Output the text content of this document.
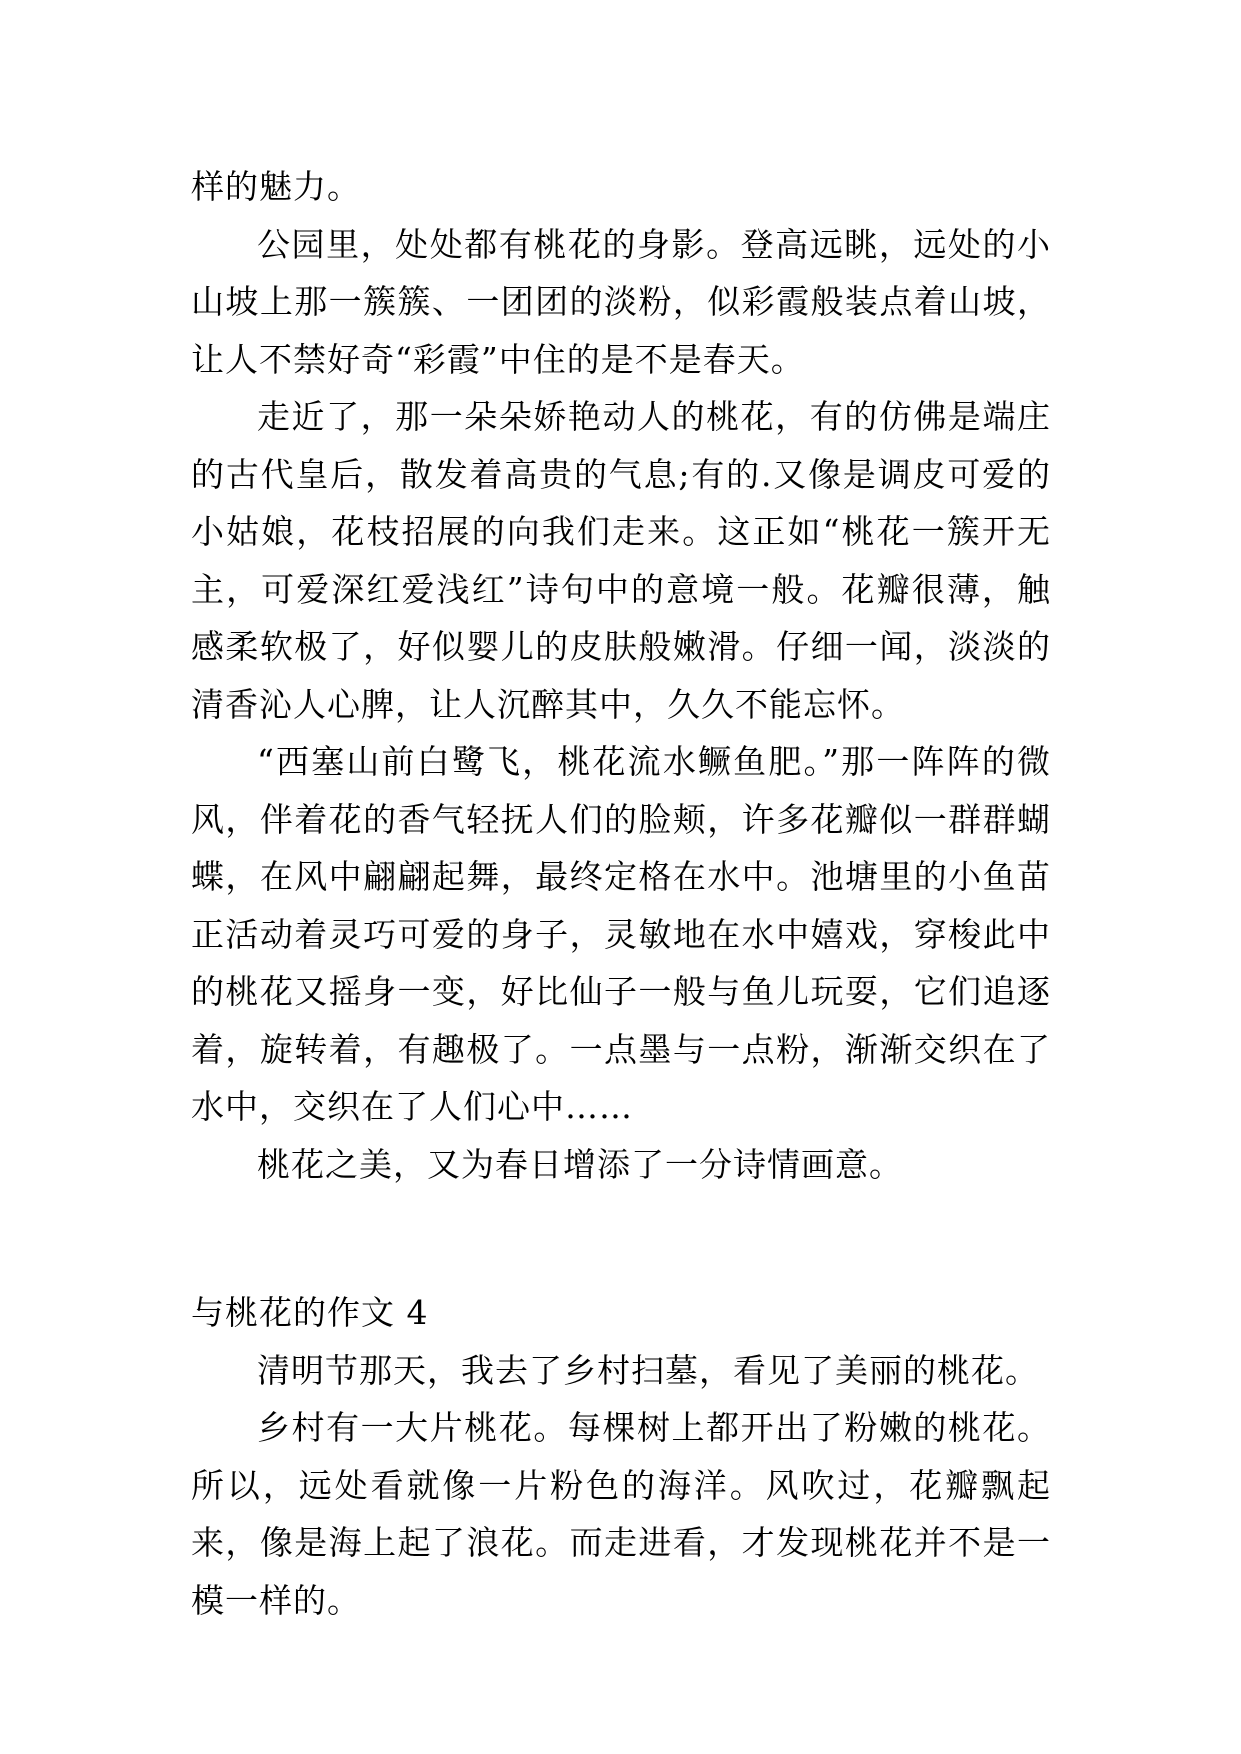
样的魅力。

公园里，处处都有桃花的身影。登高远眺，远处的小山坡上那一簇簇、一团团的淡粉，似彩霞般装点着山坡，让人不禁好奇“彩霞”中住的是不是春天。

走近了，那一朵朵娇艳动人的桃花，有的仿佛是端庄的古代皇后，散发着高贵的气息;有的.又像是调皮可爱的小姑娘，花枝招展的向我们走来。这正如“桃花一簇开无主，可爱深红爱浅红”诗句中的意境一般。花瓣很薄，触感柔软极了，好似婴儿的皮肤般嫩滑。仔细一闻，淡淡的清香沁人心脾，让人沉醉其中，久久不能忘怀。

“西塞山前白鹭飞，桃花流水鳜鱼肥。”那一阵阵的微风，伴着花的香气轻抚人们的脸颊，许多花瓣似一群群蝴蝶，在风中翩翩起舞，最终定格在水中。池塘里的小鱼苗正活动着灵巧可爱的身子，灵敏地在水中嬉戏，穿梭此中的桃花又摇身一变，好比仙子一般与鱼儿玩耍，它们追逐着，旋转着，有趣极了。一点墨与一点粉，渐渐交织在了水中，交织在了人们心中……

桃花之美，又为春日增添了一分诗情画意。

与桃花的作文 4

清明节那天，我去了乡村扫墓，看见了美丽的桃花。

乡村有一大片桃花。每棵树上都开出了粉嫩的桃花。所以，远处看就像一片粉色的海洋。风吹过，花瓣飘起来，像是海上起了浪花。而走进看，才发现桃花并不是一模一样的。
